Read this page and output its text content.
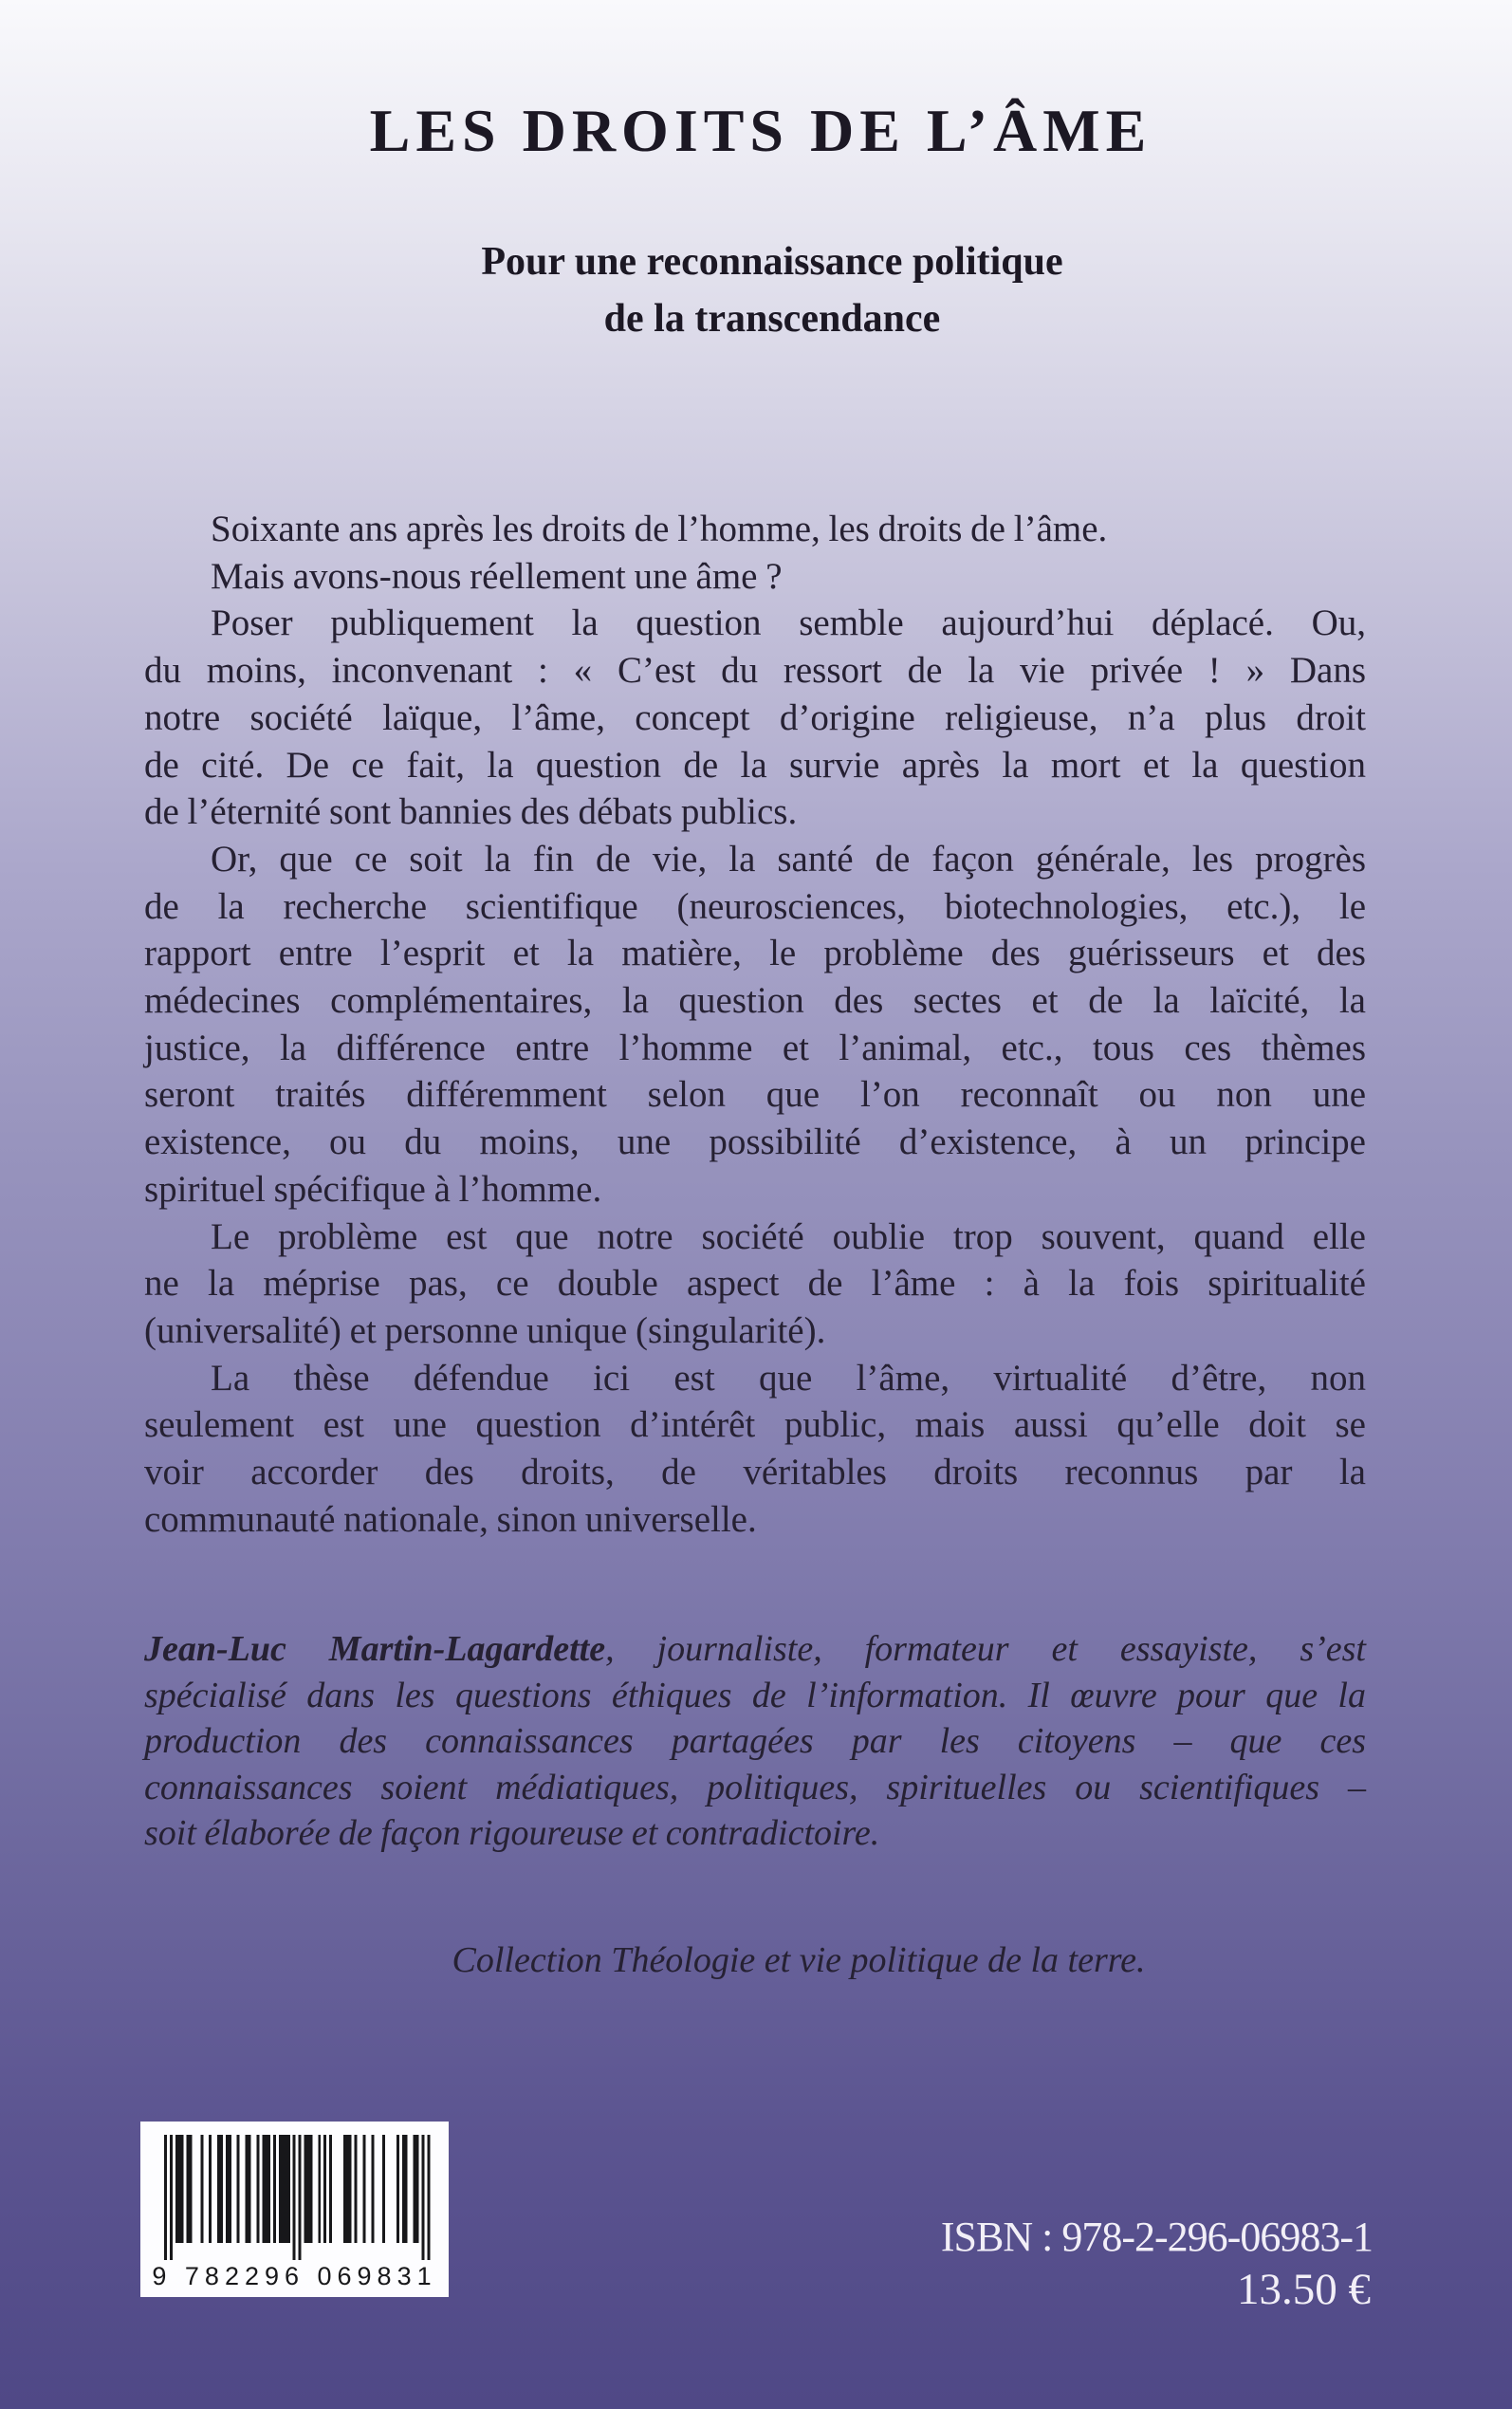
LES DROITS DE L’ÂME
Pour une reconnaissance politique
de la transcendance
Soixante ans après les droits de l’homme, les droits de l’âme.
Mais avons-nous réellement une âme ?
Poser publiquement la question semble aujourd’hui déplacé. Ou,
du moins, inconvenant : « C’est du ressort de la vie privée ! » Dans
notre société laïque, l’âme, concept d’origine religieuse, n’a plus droit
de cité. De ce fait, la question de la survie après la mort et la question
de l’éternité sont bannies des débats publics.
Or, que ce soit la fin de vie, la santé de façon générale, les progrès
de la recherche scientifique (neurosciences, biotechnologies, etc.), le
rapport entre l’esprit et la matière, le problème des guérisseurs et des
médecines complémentaires, la question des sectes et de la laïcité, la
justice, la différence entre l’homme et l’animal, etc., tous ces thèmes
seront traités différemment selon que l’on reconnaît ou non une
existence, ou du moins, une possibilité d’existence, à un principe
spirituel spécifique à l’homme.
Le problème est que notre société oublie trop souvent, quand elle
ne la méprise pas, ce double aspect de l’âme : à la fois spiritualité
(universalité) et personne unique (singularité).
La thèse défendue ici est que l’âme, virtualité d’être, non
seulement est une question d’intérêt public, mais aussi qu’elle doit se
voir accorder des droits, de véritables droits reconnus par la
communauté nationale, sinon universelle.
Jean-Luc Martin-Lagardette, journaliste, formateur et essayiste, s’est
spécialisé dans les questions éthiques de l’information. Il œuvre pour que la
production des connaissances partagées par les citoyens – que ces
connaissances soient médiatiques, politiques, spirituelles ou scientifiques –
soit élaborée de façon rigoureuse et contradictoire.
Collection Théologie et vie politique de la terre.
9 782296 069831
ISBN : 978-2-296-06983-1
13.50 €
